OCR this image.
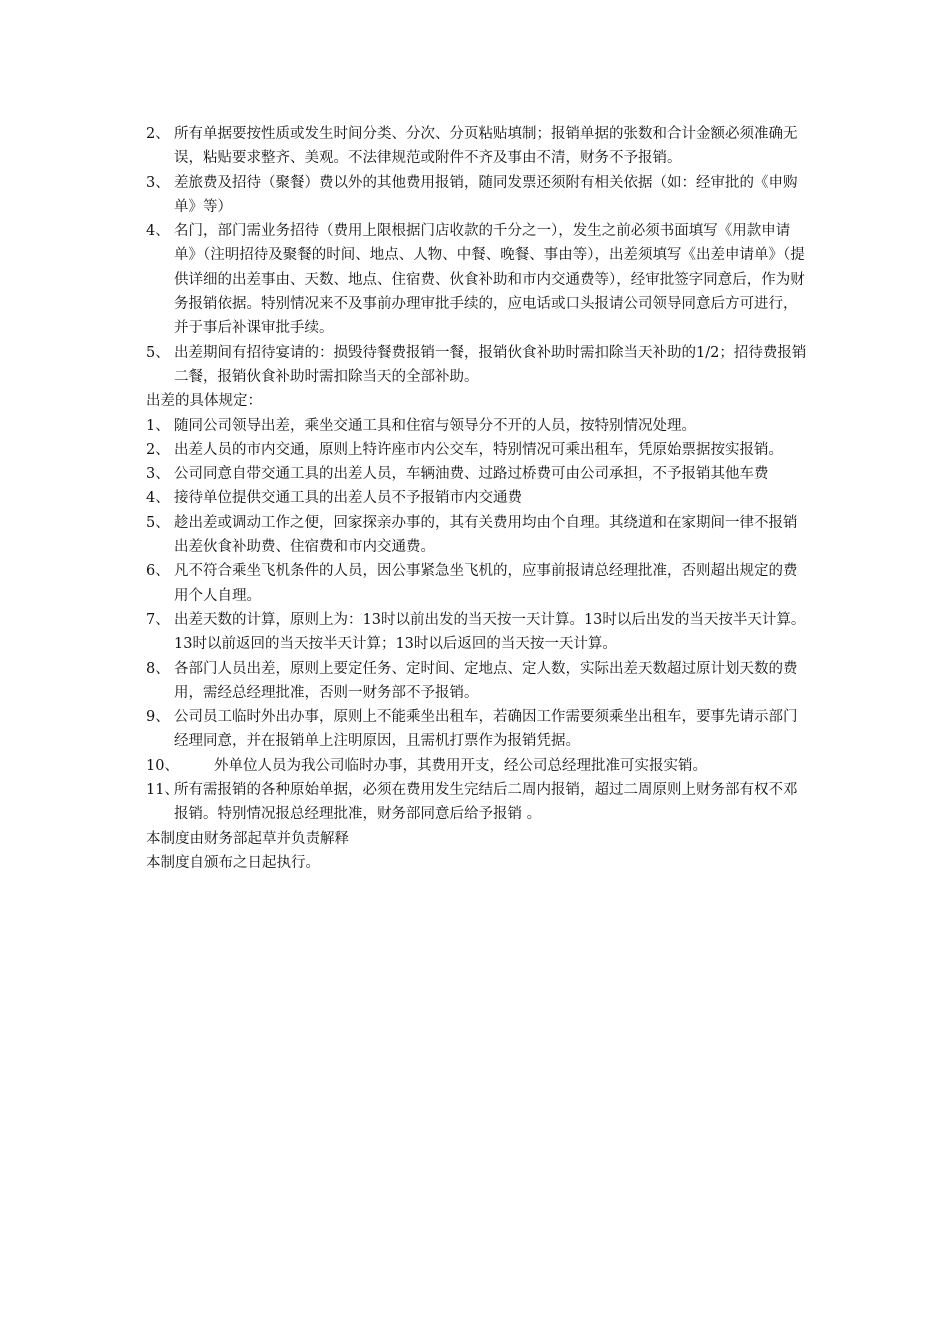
2、 所有单据要按性质或发生时间分类、分次、分页粘贴填制；报销单据的张数和合计金额必须准确无误，粘贴要求整齐、美观。不法律规范或附件不齐及事由不清，财务不予报销。
3、 差旅费及招待（聚餐）费以外的其他费用报销，随同发票还须附有相关依据（如：经审批的《申购单》等）
4、 名门，部门需业务招待（费用上限根据门店收款的千分之一），发生之前必须书面填写《用款申请单》（注明招待及聚餐的时间、地点、人物、中餐、晚餐、事由等），出差须填写《出差申请单》（提供详细的出差事由、天数、地点、住宿费、伙食补助和市内交通费等），经审批签字同意后，作为财务报销依据。特别情况来不及事前办理审批手续的，应电话或口头报请公司领导同意后方可进行，并于事后补课审批手续。
5、 出差期间有招待宴请的：损毁待餐费报销一餐，报销伙食补助时需扣除当天补助的1/2；招待费报销二餐，报销伙食补助时需扣除当天的全部补助。

出差的具体规定：

1、 随同公司领导出差，乘坐交通工具和住宿与领导分不开的人员，按特别情况处理。
2、 出差人员的市内交通，原则上特许座市内公交车，特别情况可乘出租车，凭原始票据按实报销。
3、 公司同意自带交通工具的出差人员，车辆油费、过路过桥费可由公司承担，不予报销其他车费
4、 接待单位提供交通工具的出差人员不予报销市内交通费
5、 趁出差或调动工作之便，回家探亲办事的，其有关费用均由个自理。其绕道和在家期间一律不报销出差伙食补助费、住宿费和市内交通费。
6、 凡不符合乘坐飞机条件的人员，因公事紧急坐飞机的，应事前报请总经理批准，否则超出规定的费用个人自理。
7、 出差天数的计算，原则上为：13时以前出发的当天按一天计算。13时以后出发的当天按半天计算。13时以前返回的当天按半天计算；13时以后返回的当天按一天计算。
8、 各部门人员出差，原则上要定任务、定时间、定地点、定人数，实际出差天数超过原计划天数的费用，需经总经理批准，否则一财务部不予报销。
9、 公司员工临时外出办事，原则上不能乘坐出租车，若确因工作需要须乘坐出租车，要事先请示部门经理同意，并在报销单上注明原因，且需机打票作为报销凭据。
10、 外单位人员为我公司临时办事，其费用开支，经公司总经理批准可实报实销。
11、
所有需报销的各种原始单据，必须在费用发生完结后二周内报销，超过二周原则上财务部有权不邓报销。特别情况报总经理批准，财务部同意后给予报销 。

本制度由财务部起草并负责解释

本制度自颁布之日起执行。
